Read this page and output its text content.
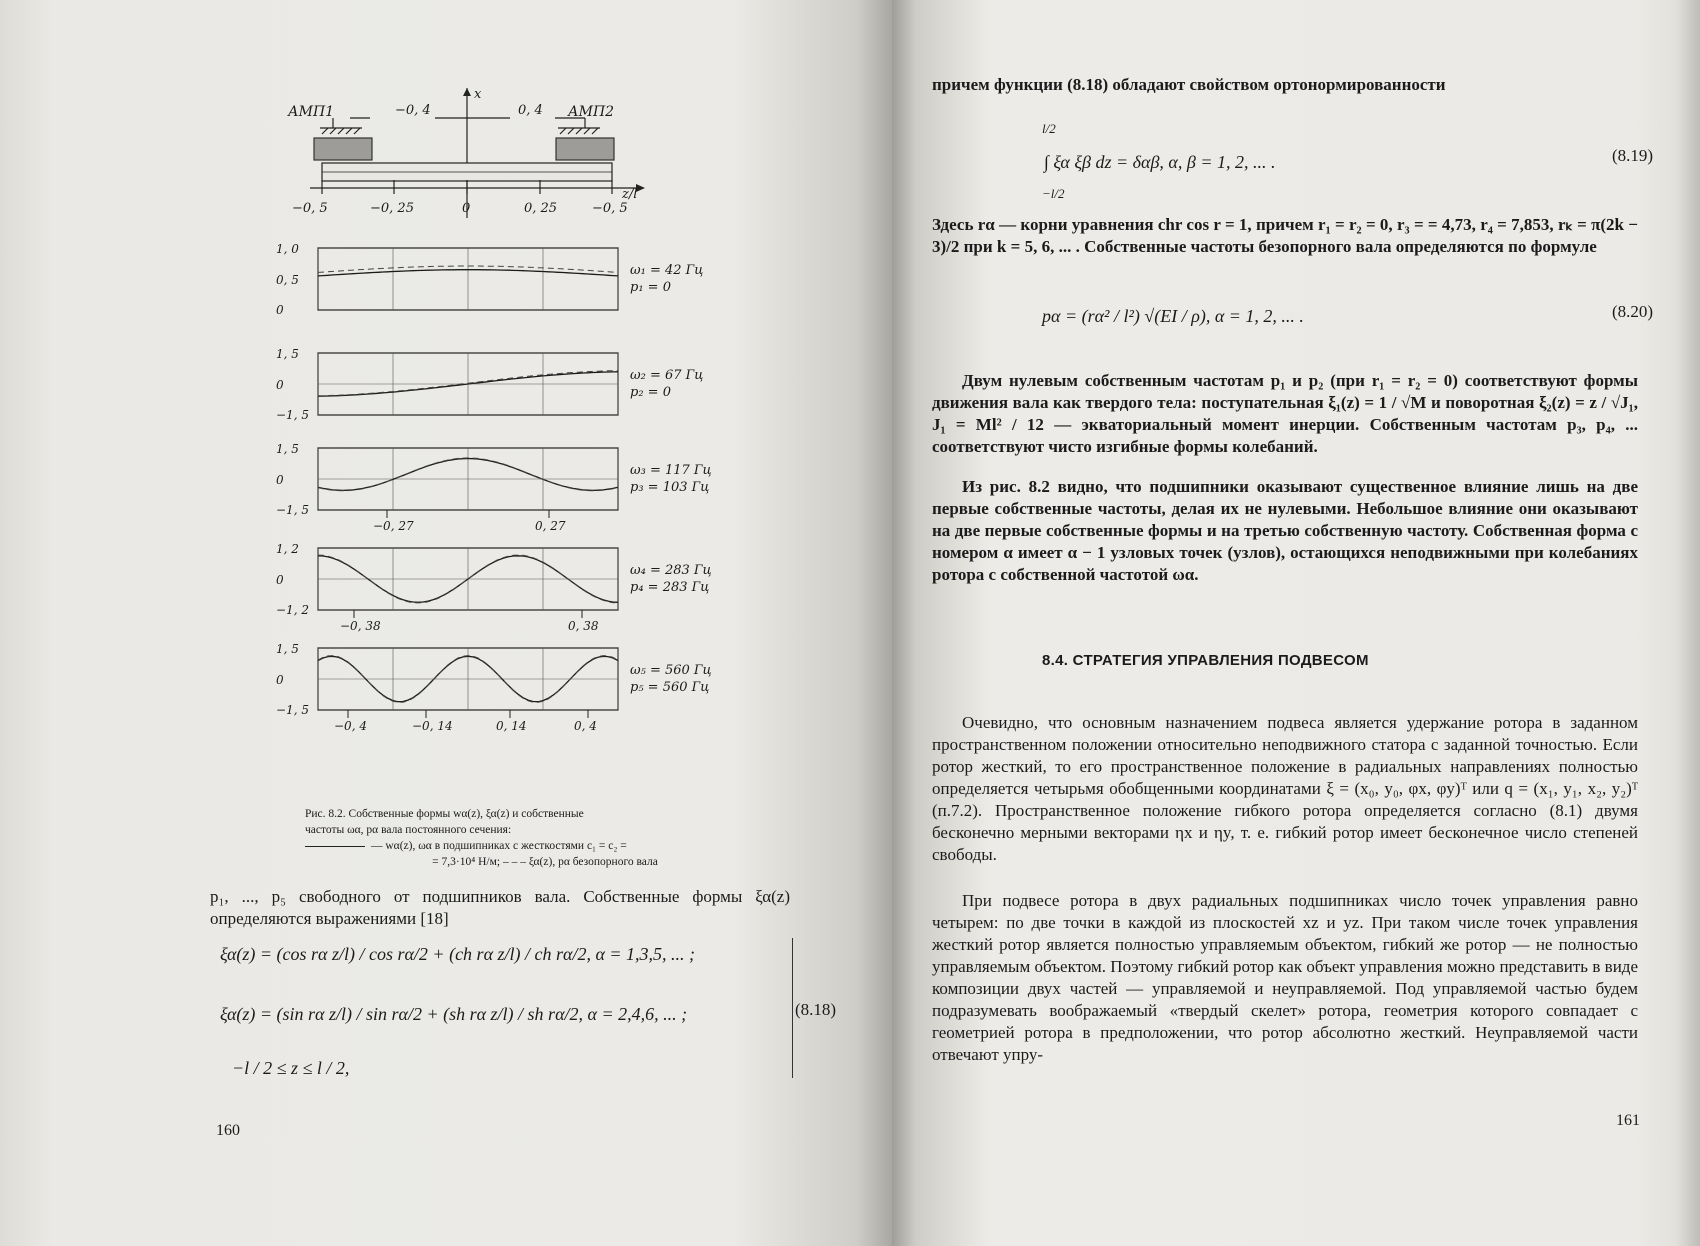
АМП1	АМП2
−0, 4	0, 4
x
z/l
−0, 5	−0, 25	0	0, 25	−0, 5
1, 0
0, 5
0
ω₁ = 42 Гц
p₁ = 0
1, 5
0
−1, 5
ω₂ = 67 Гц
p₂ = 0
−0, 27	0, 27
1, 5
0
−1, 5
ω₃ = 117 Гц
p₃ = 103 Гц
−0, 38	0, 38
1, 2
0
−1, 2
ω₄ = 283 Гц
p₄ = 283 Гц
−0, 4	−0, 14	0, 14	0, 4
1, 5
0
−1, 5
ω₅ = 560 Гц
p₅ = 560 Гц
Рис. 8.2. Собственные формы wα(z), ξα(z) и собственные
частоты ωα, pα вала постоянного сечения:
— wα(z), ωα в подшипниках с жесткостями c₁ = c₂ =
= 7,3·10⁴ Н/м; – – – ξα(z), pα безопорного вала
p₁, ..., p₅ свободного от подшипников вала. Собственные формы ξα(z) определяются выражениями [18]
ξα(z) = (cos rα z/l) / cos rα/2 + (ch rα z/l) / ch rα/2, α = 1,3,5, ... ;
ξα(z) = (sin rα z/l) / sin rα/2 + (sh rα z/l) / sh rα/2, α = 2,4,6, ... ;
−l / 2 ≤ z ≤ l / 2,
(8.18)
160
причем функции (8.18) обладают свойством ортонормированности
l/2
−l/2
∫ ξα ξβ dz = δαβ, α, β = 1, 2, ... .	(8.19)
Здесь rα — корни уравнения chr cos r = 1, причем r₁ = r₂ = 0, r₃ = = 4,73, r₄ = 7,853, rₖ = π(2k − 3)/2 при k = 5, 6, ... . Собственные частоты безопорного вала определяются по формуле
pα = (rα² / l²) √(EI / ρ), α = 1, 2, ... .	(8.20)
Двум нулевым собственным частотам p₁ и p₂ (при r₁ = r₂ = 0) соответствуют формы движения вала как твердого тела: поступательная ξ₁(z) = 1 / √M и поворотная ξ₂(z) = z / √J₁, J₁ = Ml² / 12 — экваториальный момент инерции. Собственным частотам p₃, p₄, ... соответствуют чисто изгибные формы колебаний.
Из рис. 8.2 видно, что подшипники оказывают существенное влияние лишь на две первые собственные частоты, делая их не нулевыми. Небольшое влияние они оказывают на две первые собственные формы и на третью собственную частоту. Собственная форма с номером α имеет α − 1 узловых точек (узлов), остающихся неподвижными при колебаниях ротора с собственной частотой ωα.
8.4. СТРАТЕГИЯ УПРАВЛЕНИЯ ПОДВЕСОМ
Очевидно, что основным назначением подвеса является удержание ротора в заданном пространственном положении относительно неподвижного статора с заданной точностью. Если ротор жесткий, то его пространственное положение в радиальных направлениях полностью определяется четырьмя обобщенными координатами ξ = (x₀, y₀, φx, φy)ᵀ или q = (x₁, y₁, x₂, y₂)ᵀ (п.7.2). Пространственное положение гибкого ротора определяется согласно (8.1) двумя бесконечно мерными векторами ηx и ηy, т. е. гибкий ротор имеет бесконечное число степеней свободы.
При подвесе ротора в двух радиальных подшипниках число точек управления равно четырем: по две точки в каждой из плоскостей xz и yz. При таком числе точек управления жесткий ротор является полностью управляемым объектом, гибкий же ротор — не полностью управляемым объектом. Поэтому гибкий ротор как объект управления можно представить в виде композиции двух частей — управляемой и неуправляемой. Под управляемой частью будем подразумевать воображаемый «твердый скелет» ротора, геометрия которого совпадает с геометрией ротора в предположении, что ротор абсолютно жесткий. Неуправляемой части отвечают упру-
161
